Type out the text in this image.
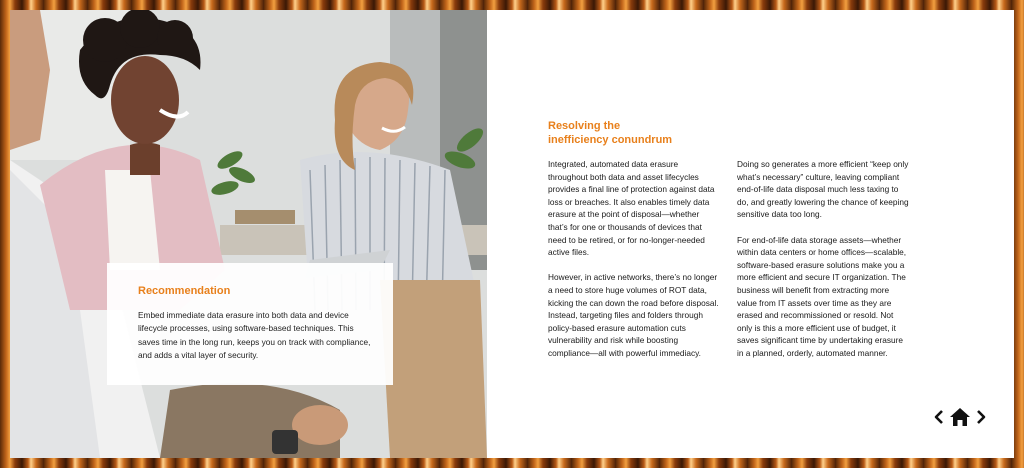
Recommendation
Embed immediate data erasure into both data and device lifecycle processes, using software-based techniques. This saves time in the long run, keeps you on track with compliance, and adds a vital layer of security.
Resolving the
inefficiency conundrum

Integrated, automated data erasure throughout both data and asset lifecycles provides a final line of protection against data loss or breaches. It also enables timely data erasure at the point of disposal—whether that’s for one or thousands of devices that need to be retired, or for no-longer-needed active files.

However, in active networks, there’s no longer a need to store huge volumes of ROT data, kicking the can down the road before disposal. Instead, targeting files and folders through policy-based erasure automation cuts vulnerability and risk while boosting compliance—all with powerful immediacy.

Doing so generates a more efficient “keep only what’s necessary” culture, leaving compliant end-of-life data disposal much less taxing to do, and greatly lowering the chance of keeping sensitive data too long.

For end-of-life data storage assets—whether within data centers or home offices—scalable, software-based erasure solutions make you a more efficient and secure IT organization. The business will benefit from extracting more value from IT assets over time as they are erased and recommissioned or resold. Not only is this a more efficient use of budget, it saves significant time by undertaking erasure in a planned, orderly, automated manner.
